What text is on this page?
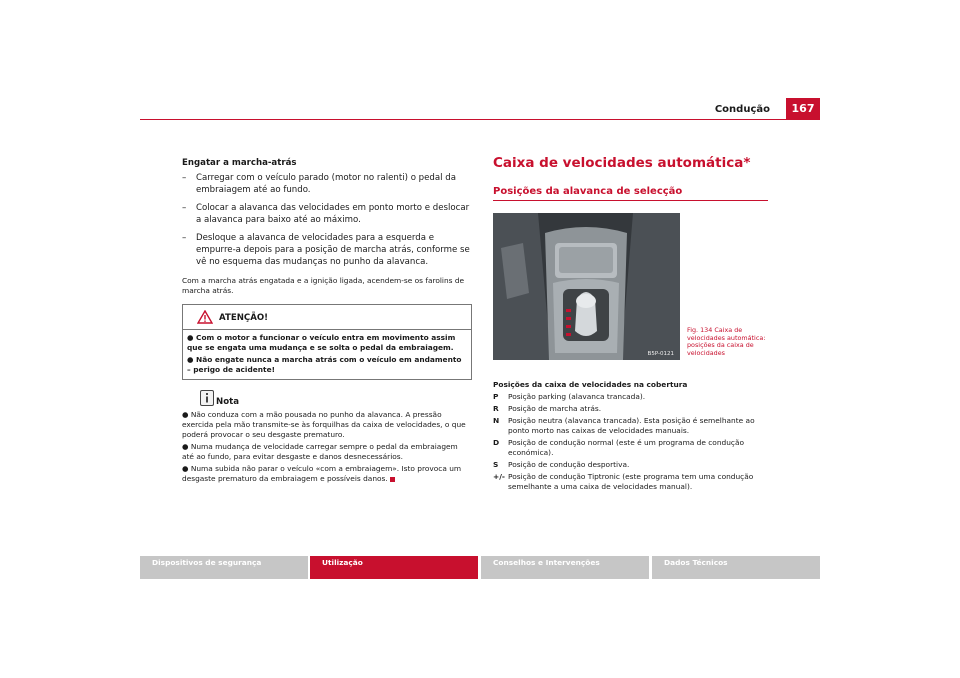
Condução	167
Engatar a marcha-atrás
– Carregar com o veículo parado (motor no ralenti) o pedal da embraiagem até ao fundo.
– Colocar a alavanca das velocidades em ponto morto e deslocar a alavanca para baixo até ao máximo.
– Desloque a alavanca de velocidades para a esquerda e empurre-a depois para a posição de marcha atrás, conforme se vê no esquema das mudanças no punho da alavanca.
Com a marcha atrás engatada e a ignição ligada, acendem-se os farolins de marcha atrás.
ATENÇÃO!

● Com o motor a funcionar o veículo entra em movimento assim que se engata uma mudança e se solta o pedal da embraiagem.

● Não engate nunca a marcha atrás com o veículo em andamento – perigo de acidente!

Nota

● Não conduza com a mão pousada no punho da alavanca. A pressão exercida pela mão transmite-se às forquilhas da caixa de velocidades, o que poderá provocar o seu desgaste prematuro.

● Numa mudança de velocidade carregar sempre o pedal da embraiagem até ao fundo, para evitar desgaste e danos desnecessários.

● Numa subida não parar o veículo «com a embraiagem». Isto provoca um desgaste prematuro da embraiagem e possíveis danos.

Caixa de velocidades automática*
Posições da alavanca de selecção
B5P-0121
Fig. 134 Caixa de velocidades automática: posições da caixa de velocidades
Posições da caixa de velocidades na cobertura
P Posição parking (alavanca trancada).
R Posição de marcha atrás.
N Posição neutra (alavanca trancada). Esta posição é semelhante ao ponto morto nas caixas de velocidades manuais.
D Posição de condução normal (este é um programa de condução económica).
S Posição de condução desportiva.
+/- Posição de condução Tiptronic (este programa tem uma condução semelhante a uma caixa de velocidades manual).
Dispositivos de segurança	Utilização	Conselhos e Intervenções	Dados Técnicos
